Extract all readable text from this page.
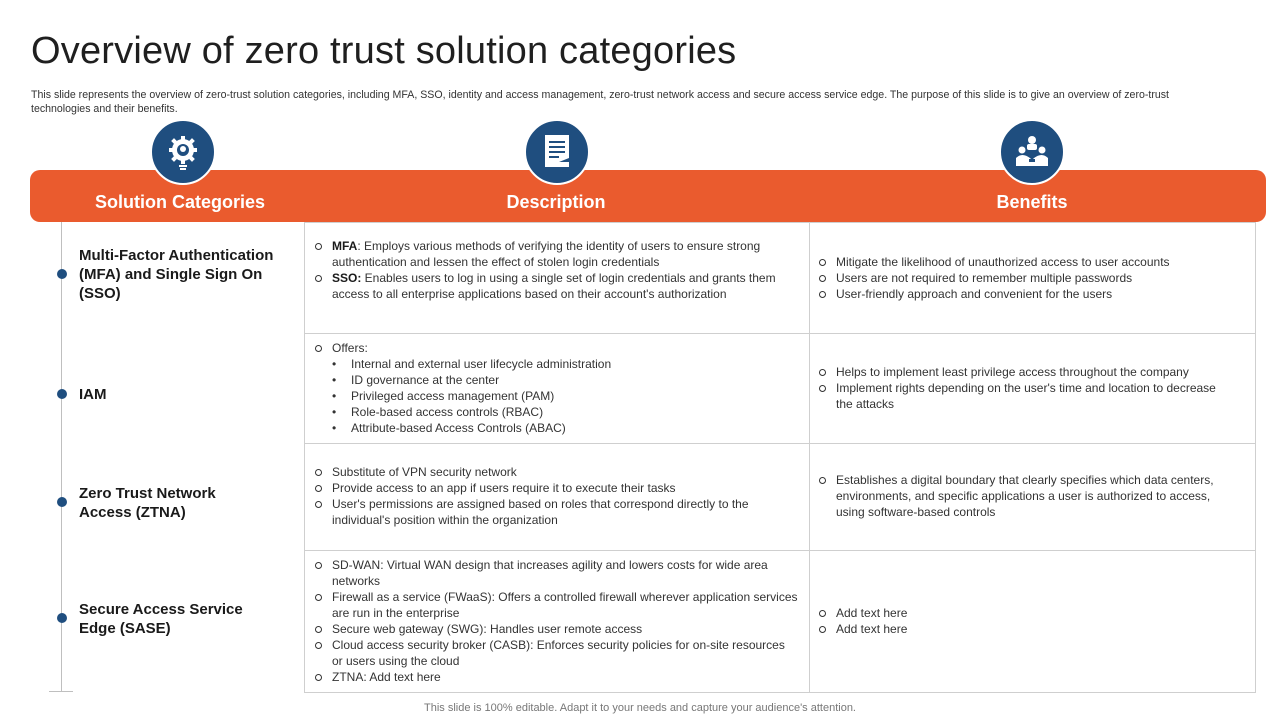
Overview of zero trust solution categories
This slide represents the overview of zero-trust solution categories, including MFA, SSO, identity and access management, zero-trust network access and secure access service edge. The purpose of this slide is to give an overview of zero-trust technologies and their benefits.
Solution Categories	Description	Benefits
Multi-Factor Authentication (MFA) and Single Sign On (SSO)
IAM
Zero Trust Network Access (ZTNA)
Secure Access Service Edge (SASE)
MFA: Employs various methods of verifying the identity of users to ensure strong authentication and lessen the effect of stolen login credentials
SSO: Enables users to log in using a single set of login credentials and grants them access to all enterprise applications based on their account's authorization
Mitigate the likelihood of unauthorized access to user accounts
Users are not required to remember multiple passwords
User-friendly approach and convenient for the users
Offers:
• Internal and external user lifecycle administration
• ID governance at the center
• Privileged access management (PAM)
• Role-based access controls (RBAC)
• Attribute-based Access Controls (ABAC)
Helps to implement least privilege access throughout the company
Implement rights depending on the user's time and location to decrease the attacks
Substitute of VPN security network
Provide access to an app if users require it to execute their tasks
User's permissions are assigned based on roles that correspond directly to the individual's position within the organization
Establishes a digital boundary that clearly specifies which data centers, environments, and specific applications a user is authorized to access, using software-based controls
SD-WAN: Virtual WAN design that increases agility and lowers costs for wide area networks
Firewall as a service (FWaaS): Offers a controlled firewall wherever application services are run in the enterprise
Secure web gateway (SWG): Handles user remote access
Cloud access security broker (CASB): Enforces security policies for on-site resources or users using the cloud
ZTNA: Add text here
Add text here
Add text here
This slide is 100% editable. Adapt it to your needs and capture your audience's attention.
